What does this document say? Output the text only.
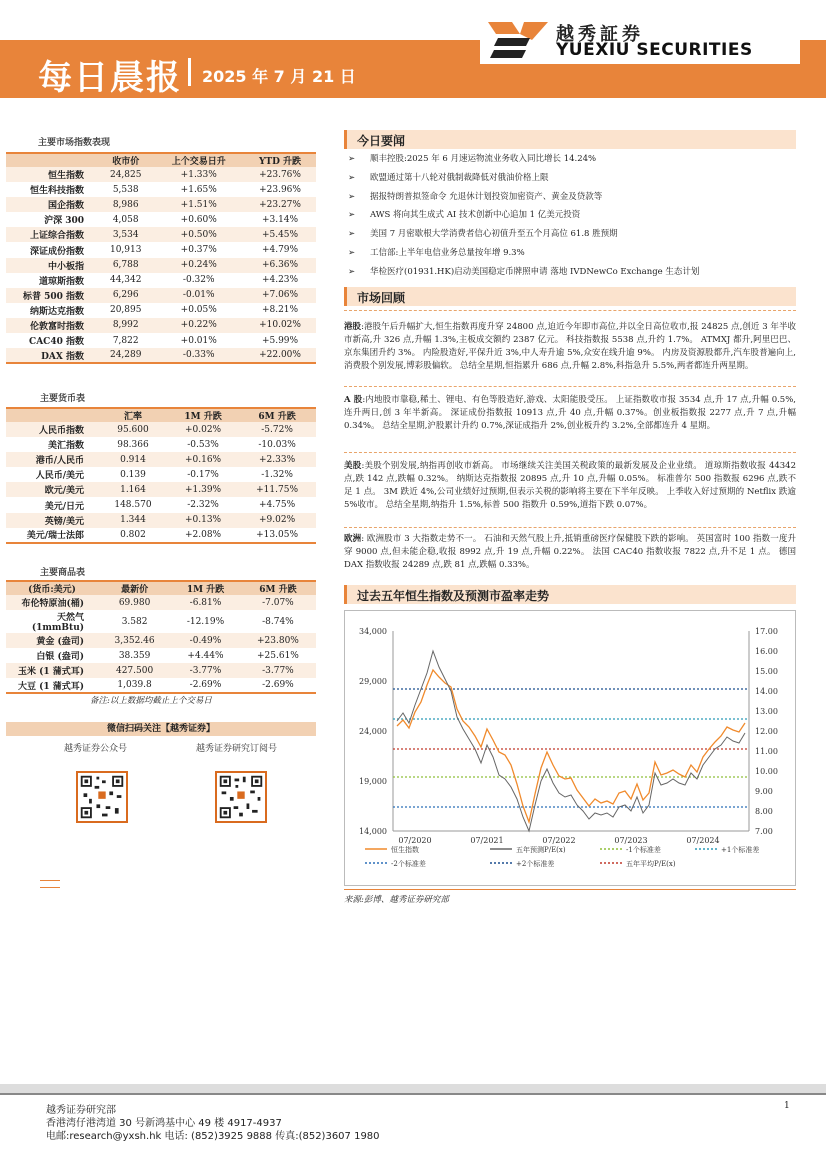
每日晨报 2025 年 7 月 21 日
越秀証券
YUEXIU SECURITIES
主要市场指数表现
	收市价	上个交易日升	YTD 升跌
恒生指数	24,825	+1.33%	+23.76%
恒生科技指数	5,538	+1.65%	+23.96%
国企指数	8,986	+1.51%	+23.27%
沪深 300	4,058	+0.60%	+3.14%
上证综合指数	3,534	+0.50%	+5.45%
深证成份指数	10,913	+0.37%	+4.79%
中小板指	6,788	+0.24%	+6.36%
道琼斯指数	44,342	-0.32%	+4.23%
标普 500 指数	6,296	-0.01%	+7.06%
纳斯达克指数	20,895	+0.05%	+8.21%
伦敦富时指数	8,992	+0.22%	+10.02%
CAC40 指数	7,822	+0.01%	+5.99%
DAX 指数	24,289	-0.33%	+22.00%
主要货币表
	汇率	1M 升跌	6M 升跌
人民币指数	95.600	+0.02%	-5.72%
美汇指数	98.366	-0.53%	-10.03%
港币/人民币	0.914	+0.16%	+2.33%
人民币/美元	0.139	-0.17%	-1.32%
欧元/美元	1.164	+1.39%	+11.75%
美元/日元	148.570	-2.32%	+4.75%
英镑/美元	1.344	+0.13%	+9.02%
美元/瑞士法郎	0.802	+2.08%	+13.05%
主要商品表
(货币:美元)	最新价	1M 升跌	6M 升跌
布伦特原油(桶)	69.980	-6.81%	-7.07%
天然气(1mmBtu)	3.582	-12.19%	-8.74%
黄金 (盎司)	3,352.46	-0.49%	+23.80%
白银 (盎司)	38.359	+4.44%	+25.61%
玉米 (1 蒲式耳)	427.500	-3.77%	-3.77%
大豆 (1 蒲式耳)	1,039.8	-2.69%	-2.69%
备注:以上数据均截止上个交易日
微信扫码关注【越秀证券】
越秀证券公众号	越秀证券研究订阅号
今日要闻
➢ 顺丰控股:2025 年 6 月速运物流业务收入同比增长 14.24%
➢ 欧盟通过第十八轮对俄制裁降低对俄油价格上限
➢ 据报特朗普拟签命令 允退休计划投资加密资产、黄金及贷款等
➢ AWS 将向其生成式 AI 技术创新中心追加 1 亿美元投资
➢ 美国 7 月密歇根大学消费者信心初值升至五个月高位 61.8 胜预期
➢ 工信部:上半年电信业务总量按年增 9.3%
➢ 华检医疗(01931.HK)启动美国稳定币牌照申请 落地 IVDNewCo Exchange 生态计划
市场回顾
港股:港股午后升幅扩大,恒生指数再度升穿 24800 点,迫近今年即市高位,并以全日高位收市,报 24825 点,创近 3 年半收市新高,升 326 点,升幅 1.3%,主板成交额约 2387 亿元。 科技指数报 5538 点,升约 1.7%。 ATMXJ 都升,阿里巴巴、京东集团升约 3%。 内险股造好,平保升近 3%,中人寿升逾 5%,众安在线升逾 9%。 内房及资源股都升,汽车股普遍向上,消费股个别发展,博彩股偏软。 总结全星期,恒指累升 686 点,升幅 2.8%,科指急升 5.5%,两者都连升两星期。
A 股:内地股市靠稳,稀土、锂电、有色等股造好,游戏、太阳能股受压。 上证指数收市报 3534 点,升 17 点,升幅 0.5%,连升两日,创 3 年半新高。 深证成份指数报 10913 点,升 40 点,升幅 0.37%。创业板指数报 2277 点,升 7 点,升幅 0.34%。 总结全星期,沪股累计升约 0.7%,深证成指升 2%,创业板升约 3.2%,全部都连升 4 星期。
美股:美股个别发展,纳指再创收市新高。 市场继续关注美国关税政策的最新发展及企业业绩。 道琼斯指数收报 44342 点,跌 142 点,跌幅 0.32%。 纳斯达克指数报 20895 点,升 10 点,升幅 0.05%。 标准普尔 500 指数报 6296 点,跌不足 1 点。 3M 跌近 4%,公司业绩好过预期,但表示关税的影响将主要在下半年反映。 上季收入好过预期的 Netflix 跌逾 5%收市。 总结全星期,纳指升 1.5%,标普 500 指数升 0.59%,道指下跌 0.07%。
欧洲: 欧洲股市 3 大指数走势不一。 石油和天然气股上升,抵销重磅医疗保健股下跌的影响。 英国富时 100 指数一度升穿 9000 点,但未能企稳,收报 8992 点,升 19 点,升幅 0.22%。 法国 CAC40 指数收报 7822 点,升不足 1 点。 德国 DAX 指数收报 24289 点,跌 81 点,跌幅 0.33%。
过去五年恒生指数及预测市盈率走势
34,000
29,000
24,000
19,000
14,000
17.00
16.00
15.00
14.00
13.00
12.00
11.00
10.00
9.00
8.00
7.00
07/2020	07/2021	07/2022	07/2023	07/2024
恒生指数	五年预测P/E(x)	-1个标准差	+1个标准差
-2个标准差	+2个标准差	五年平均P/E(x)
来源:彭博、越秀证券研究部
越秀证券研究部
香港湾仔港湾道 30 号新鸿基中心 49 楼 4917-4937
电邮:research@yxsh.hk 电话: (852)3925 9888 传真:(852)3607 1980
1
